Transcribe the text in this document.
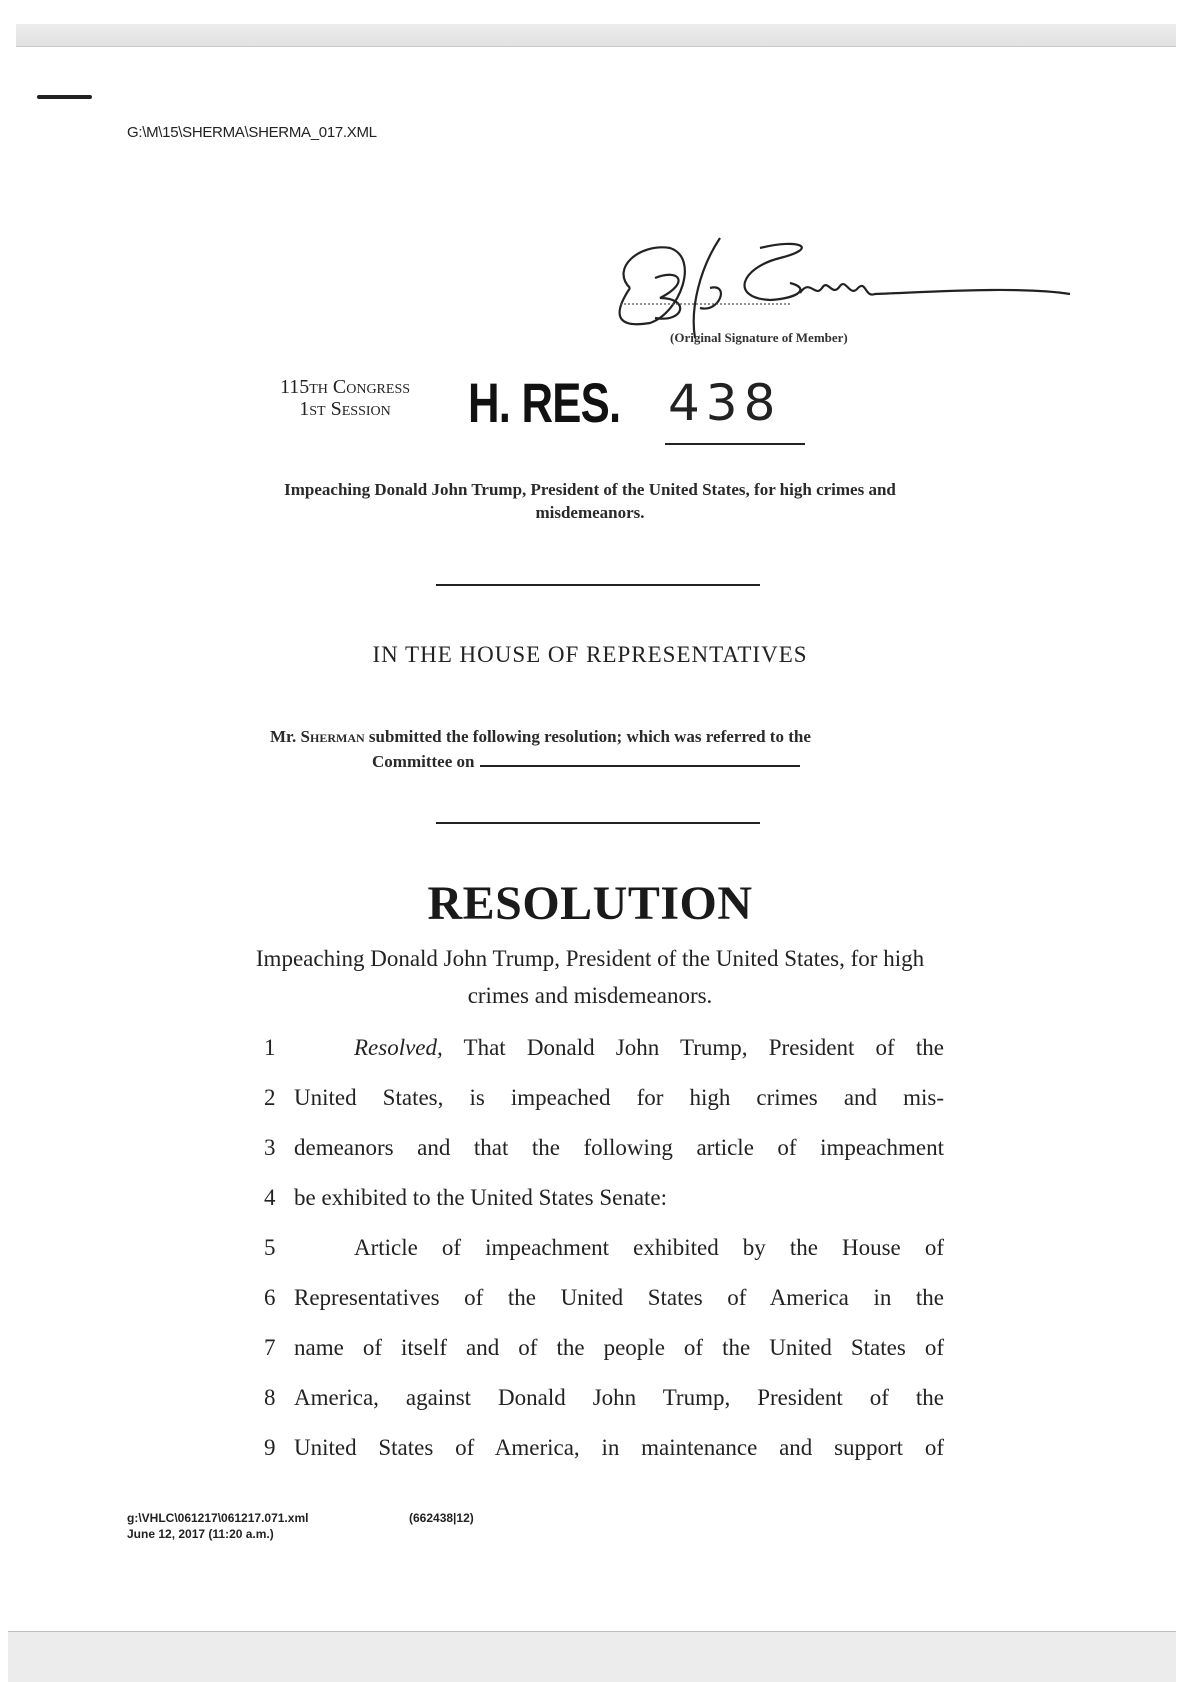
G:\M\15\SHERMA\SHERMA_017.XML
(Original Signature of Member)
115th Congress
1st Session	H. RES. 438
Impeaching Donald John Trump, President of the United States, for high crimes and misdemeanors.
IN THE HOUSE OF REPRESENTATIVES
Mr. Sherman submitted the following resolution; which was referred to the
Committee on
RESOLUTION
Impeaching Donald John Trump, President of the United States, for high crimes and misdemeanors.
1	Resolved, That Donald John Trump, President of the
2 United States, is impeached for high crimes and mis-
3 demeanors and that the following article of impeachment
4 be exhibited to the United States Senate:
5	Article of impeachment exhibited by the House of
6 Representatives of the United States of America in the
7 name of itself and of the people of the United States of
8 America, against Donald John Trump, President of the
9 United States of America, in maintenance and support of
g:\VHLC\061217\061217.071.xml
June 12, 2017 (11:20 a.m.)
(662438|12)
